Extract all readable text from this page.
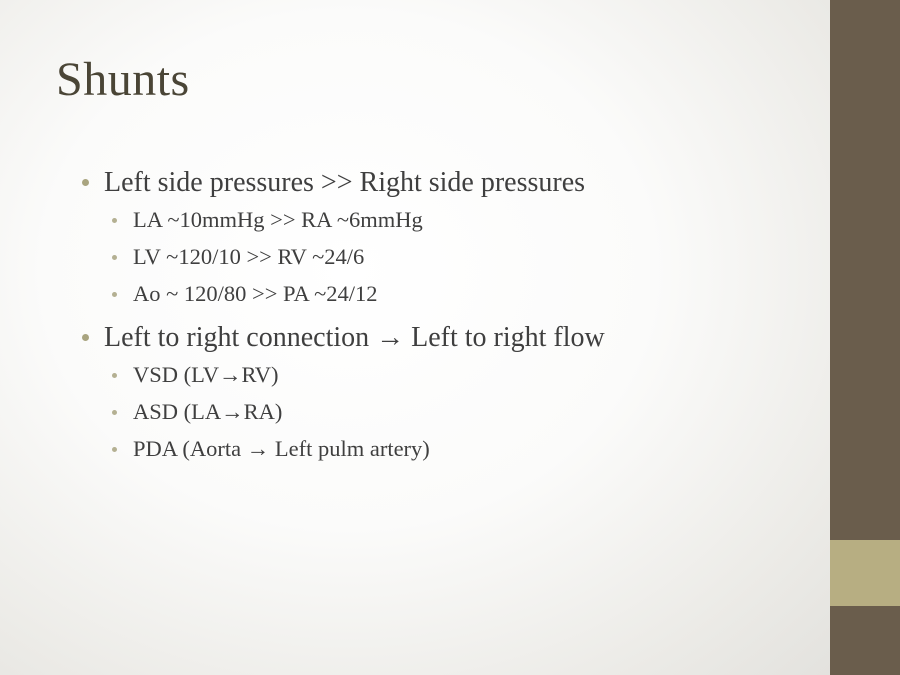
Shunts
Left side pressures >> Right side pressures
LA ~10mmHg >> RA ~6mmHg
LV ~120/10 >> RV ~24/6
Ao ~ 120/80 >> PA ~24/12
Left to right connection → Left to right flow
VSD (LV→RV)
ASD (LA→RA)
PDA (Aorta → Left pulm artery)
